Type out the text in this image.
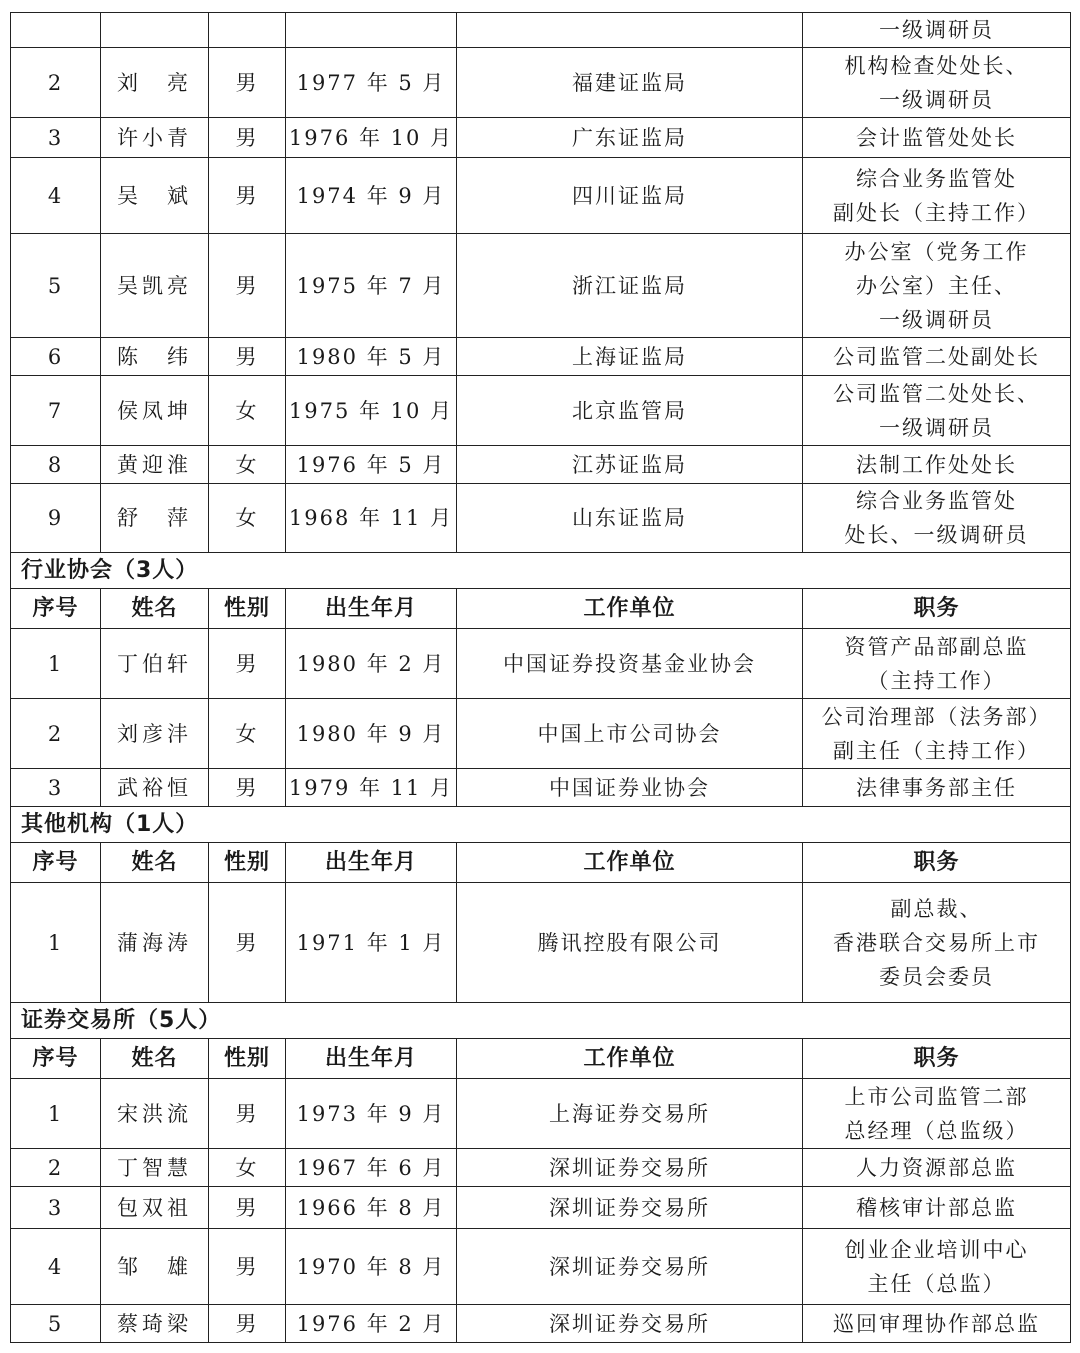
					一级调研员
2	刘　亮	男	1977 年 5 月	福建证监局	机构检查处处长、
一级调研员
3	许小青	男	1976 年 10 月	广东证监局	会计监管处处长
4	吴　斌	男	1974 年 9 月	四川证监局	综合业务监管处
副处长（主持工作）
5	吴凯亮	男	1975 年 7 月	浙江证监局	办公室（党务工作
办公室）主任、
一级调研员
6	陈　纬	男	1980 年 5 月	上海证监局	公司监管二处副处长
7	侯凤坤	女	1975 年 10 月	北京监管局	公司监管二处处长、
一级调研员
8	黄迎淮	女	1976 年 5 月	江苏证监局	法制工作处处长
9	舒　萍	女	1968 年 11 月	山东证监局	综合业务监管处
处长、一级调研员
行业协会（3人）					
序号	姓名	性别	出生年月	工作单位	职务
1	丁伯轩	男	1980 年 2 月	中国证券投资基金业协会	资管产品部副总监
（主持工作）
2	刘彦沣	女	1980 年 9 月	中国上市公司协会	公司治理部（法务部）
副主任（主持工作）
3	武裕恒	男	1979 年 11 月	中国证券业协会	法律事务部主任
其他机构（1人）					
序号	姓名	性别	出生年月	工作单位	职务
1	蒲海涛	男	1971 年 1 月	腾讯控股有限公司	副总裁、
香港联合交易所上市
委员会委员
证券交易所（5人）					
序号	姓名	性别	出生年月	工作单位	职务
1	宋洪流	男	1973 年 9 月	上海证券交易所	上市公司监管二部
总经理（总监级）
2	丁智慧	女	1967 年 6 月	深圳证券交易所	人力资源部总监
3	包双祖	男	1966 年 8 月	深圳证券交易所	稽核审计部总监
4	邹　雄	男	1970 年 8 月	深圳证券交易所	创业企业培训中心
主任（总监）
5	蔡琦梁	男	1976 年 2 月	深圳证券交易所	巡回审理协作部总监
